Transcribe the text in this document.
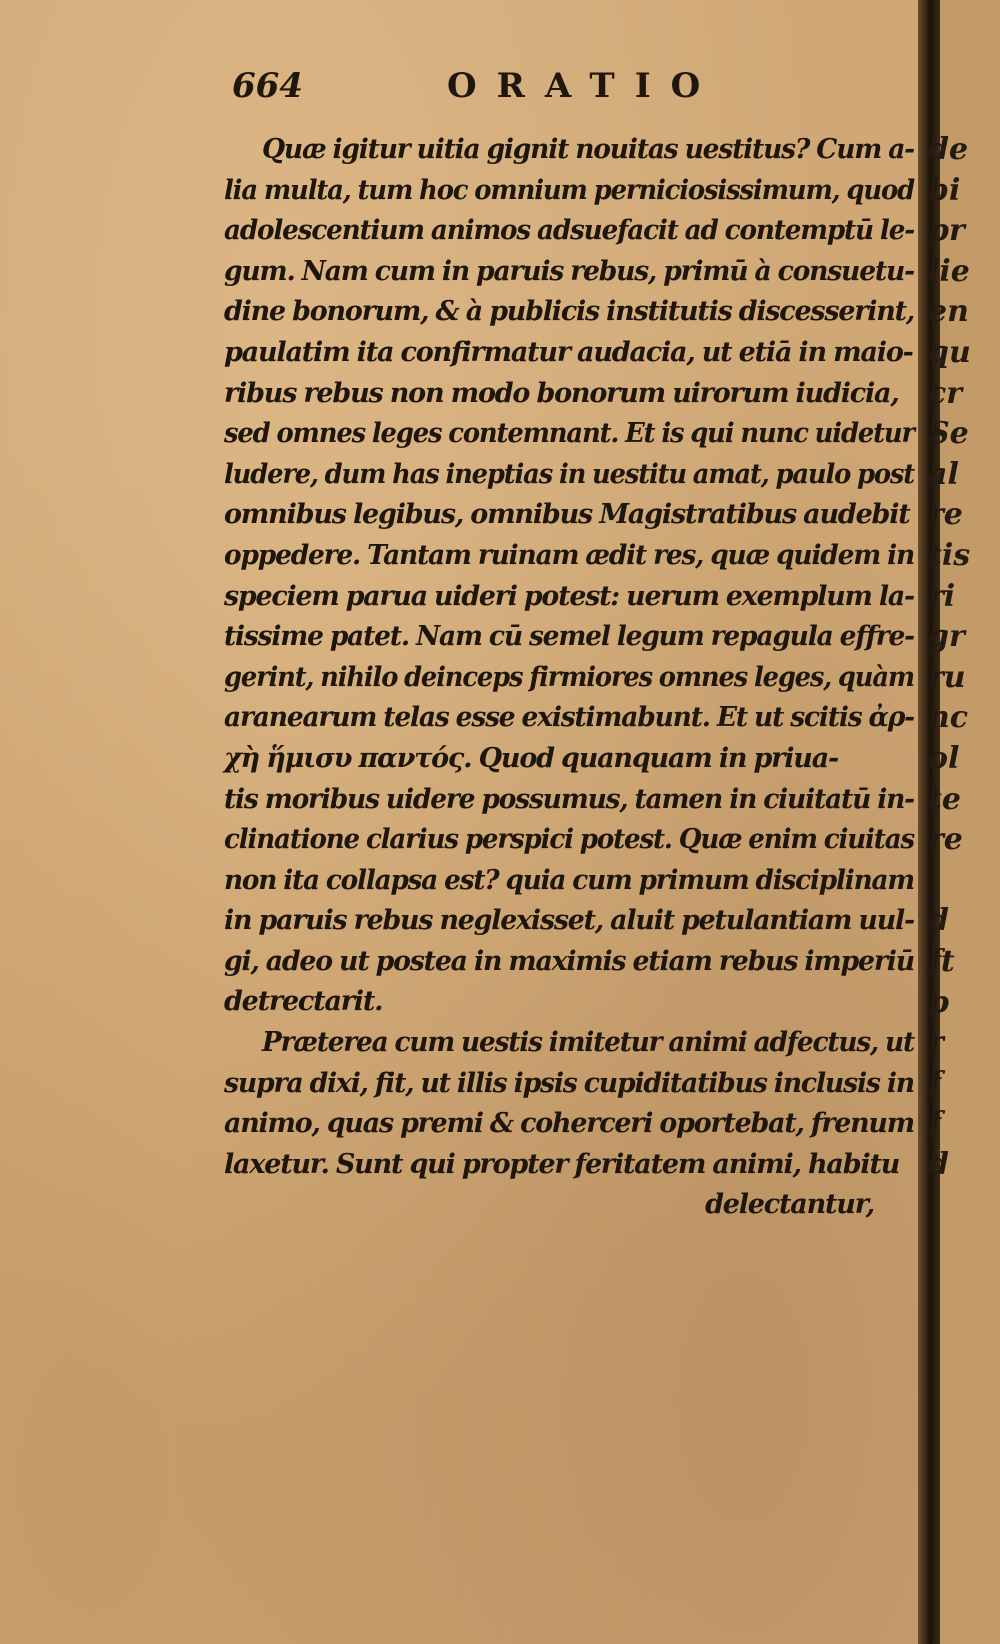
664	ORATIO
Quæ igitur uitia gignit nouitas uestitus? Cum a-
lia multa, tum hoc omnium perniciosissimum, quod
adolescentium animos adsuefacit ad contemptū le-
gum. Nam cum in paruis rebus, primū à consuetu-
dine bonorum, & à publicis institutis discesserint,
paulatim ita confirmatur audacia, ut etiā in maio-
ribus rebus non modo bonorum uirorum iudicia,
sed omnes leges contemnant. Et is qui nunc uidetur
ludere, dum has ineptias in uestitu amat, paulo post
omnibus legibus, omnibus Magistratibus audebit
oppedere. Tantam ruinam ædit res, quæ quidem in
speciem parua uideri potest: uerum exemplum la-
tissime patet. Nam cū semel legum repagula effre-
gerint, nihilo deinceps firmiores omnes leges, quàm
aranearum telas esse existimabunt. Et ut scitis ἀρ-
χὴ ἥμισυ παντός. Quod quanquam in priua-
tis moribus uidere possumus, tamen in ciuitatū in-
clinatione clarius perspici potest. Quæ enim ciuitas
non ita collapsa est? quia cum primum disciplinam
in paruis rebus neglexisset, aluit petulantiam uul-
gi, adeo ut postea in maximis etiam rebus imperiū
detrectarit.
Præterea cum uestis imitetur animi adfectus, ut
supra dixi, fit, ut illis ipsis cupiditatibus inclusis in
animo, quas premi & coherceri oportebat, frenum
laxetur. Sunt qui propter feritatem animi, habitu
delectantur,
de
bi
pr
lie
en
qu
cr
Se
al
re
tis
ri
gr
ru
nc
ol
te
re
d
ft
p
r
f
f
d
